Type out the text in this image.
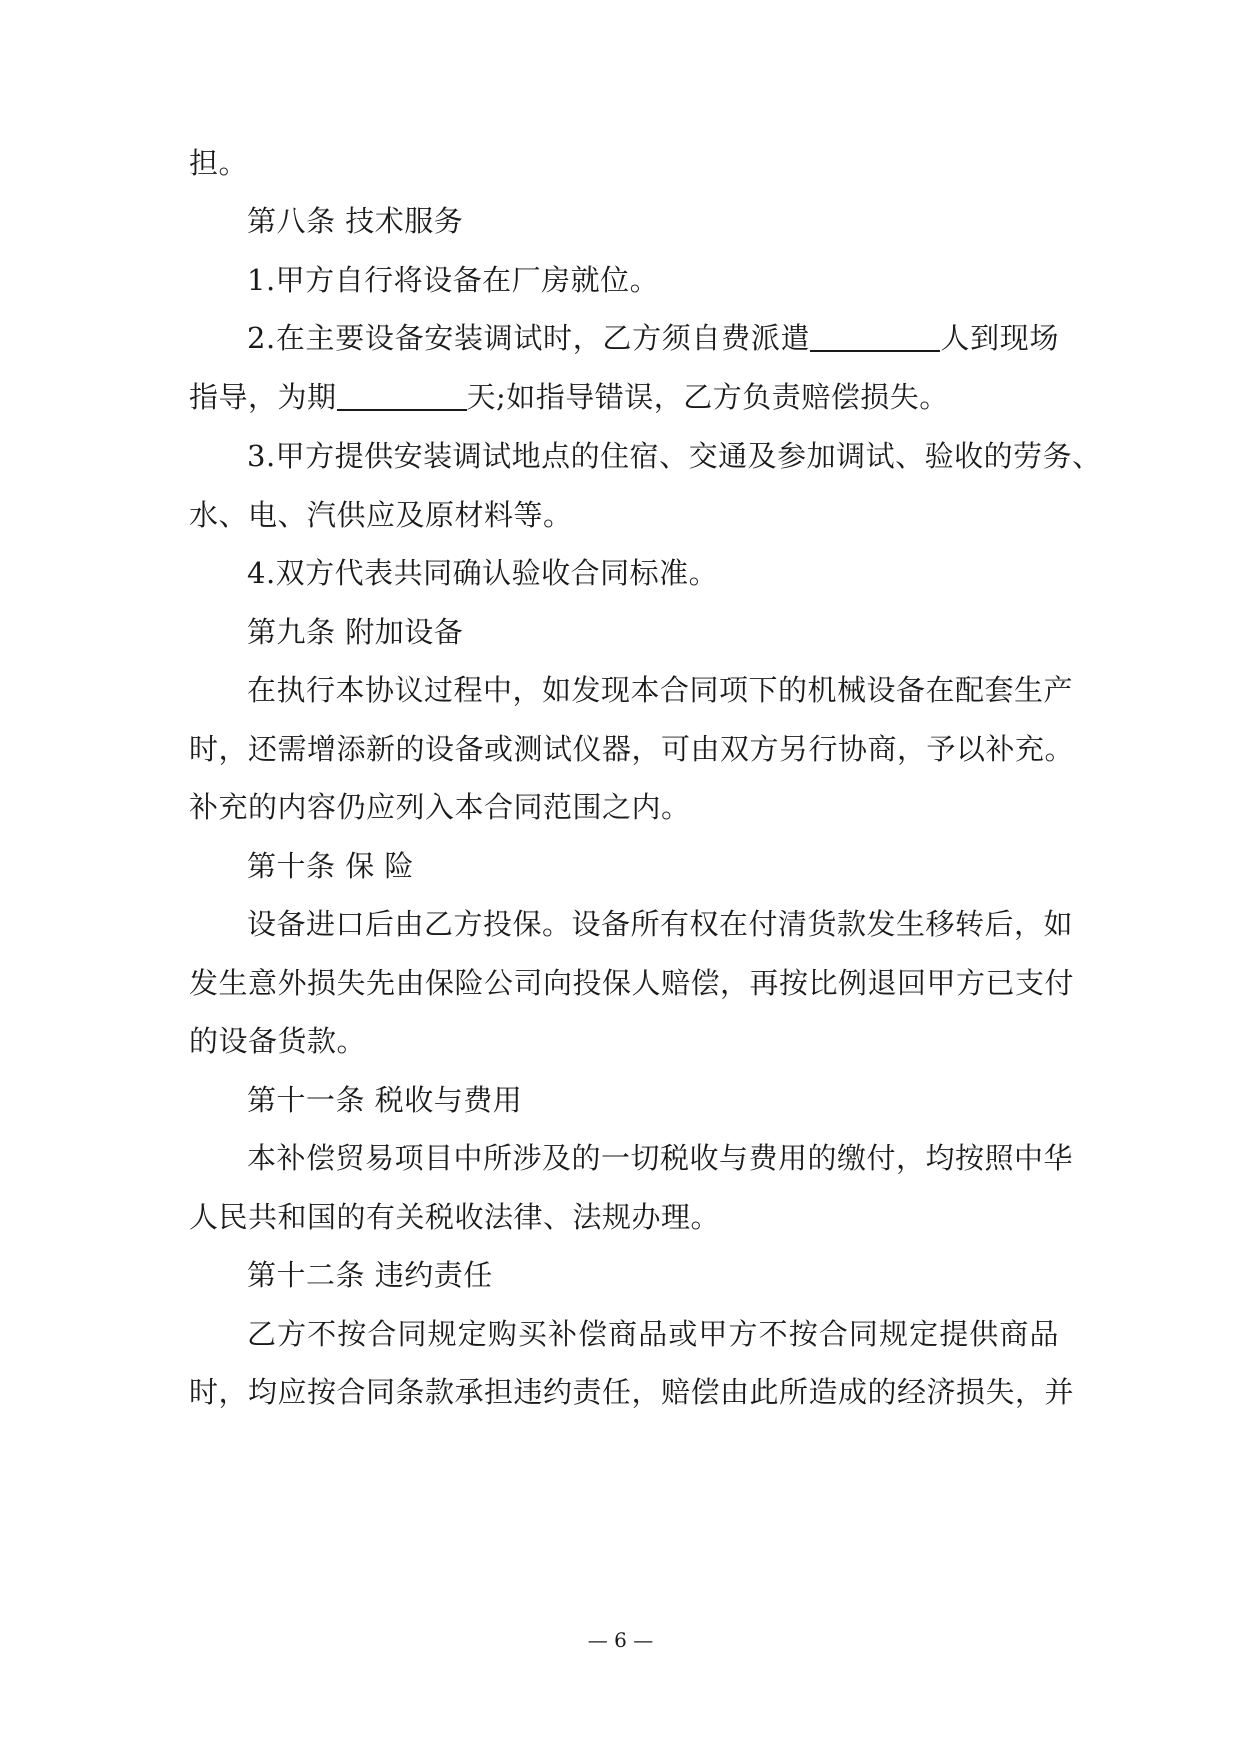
担。
第八条 技术服务
1.甲方自行将设备在厂房就位。
2.在主要设备安装调试时，乙方须自费派遣	人到现场
指导，为期	天;如指导错误，乙方负责赔偿损失。
3.甲方提供安装调试地点的住宿、交通及参加调试、验收的劳务、
水、电、汽供应及原材料等。
4.双方代表共同确认验收合同标准。
第九条 附加设备
在执行本协议过程中，如发现本合同项下的机械设备在配套生产
时，还需增添新的设备或测试仪器，可由双方另行协商，予以补充。
补充的内容仍应列入本合同范围之内。
第十条 保 险
设备进口后由乙方投保。设备所有权在付清货款发生移转后，如
发生意外损失先由保险公司向投保人赔偿，再按比例退回甲方已支付
的设备货款。
第十一条 税收与费用
本补偿贸易项目中所涉及的一切税收与费用的缴付，均按照中华
人民共和国的有关税收法律、法规办理。
第十二条 违约责任
乙方不按合同规定购买补偿商品或甲方不按合同规定提供商品
时，均应按合同条款承担违约责任，赔偿由此所造成的经济损失，并
— 6 —
